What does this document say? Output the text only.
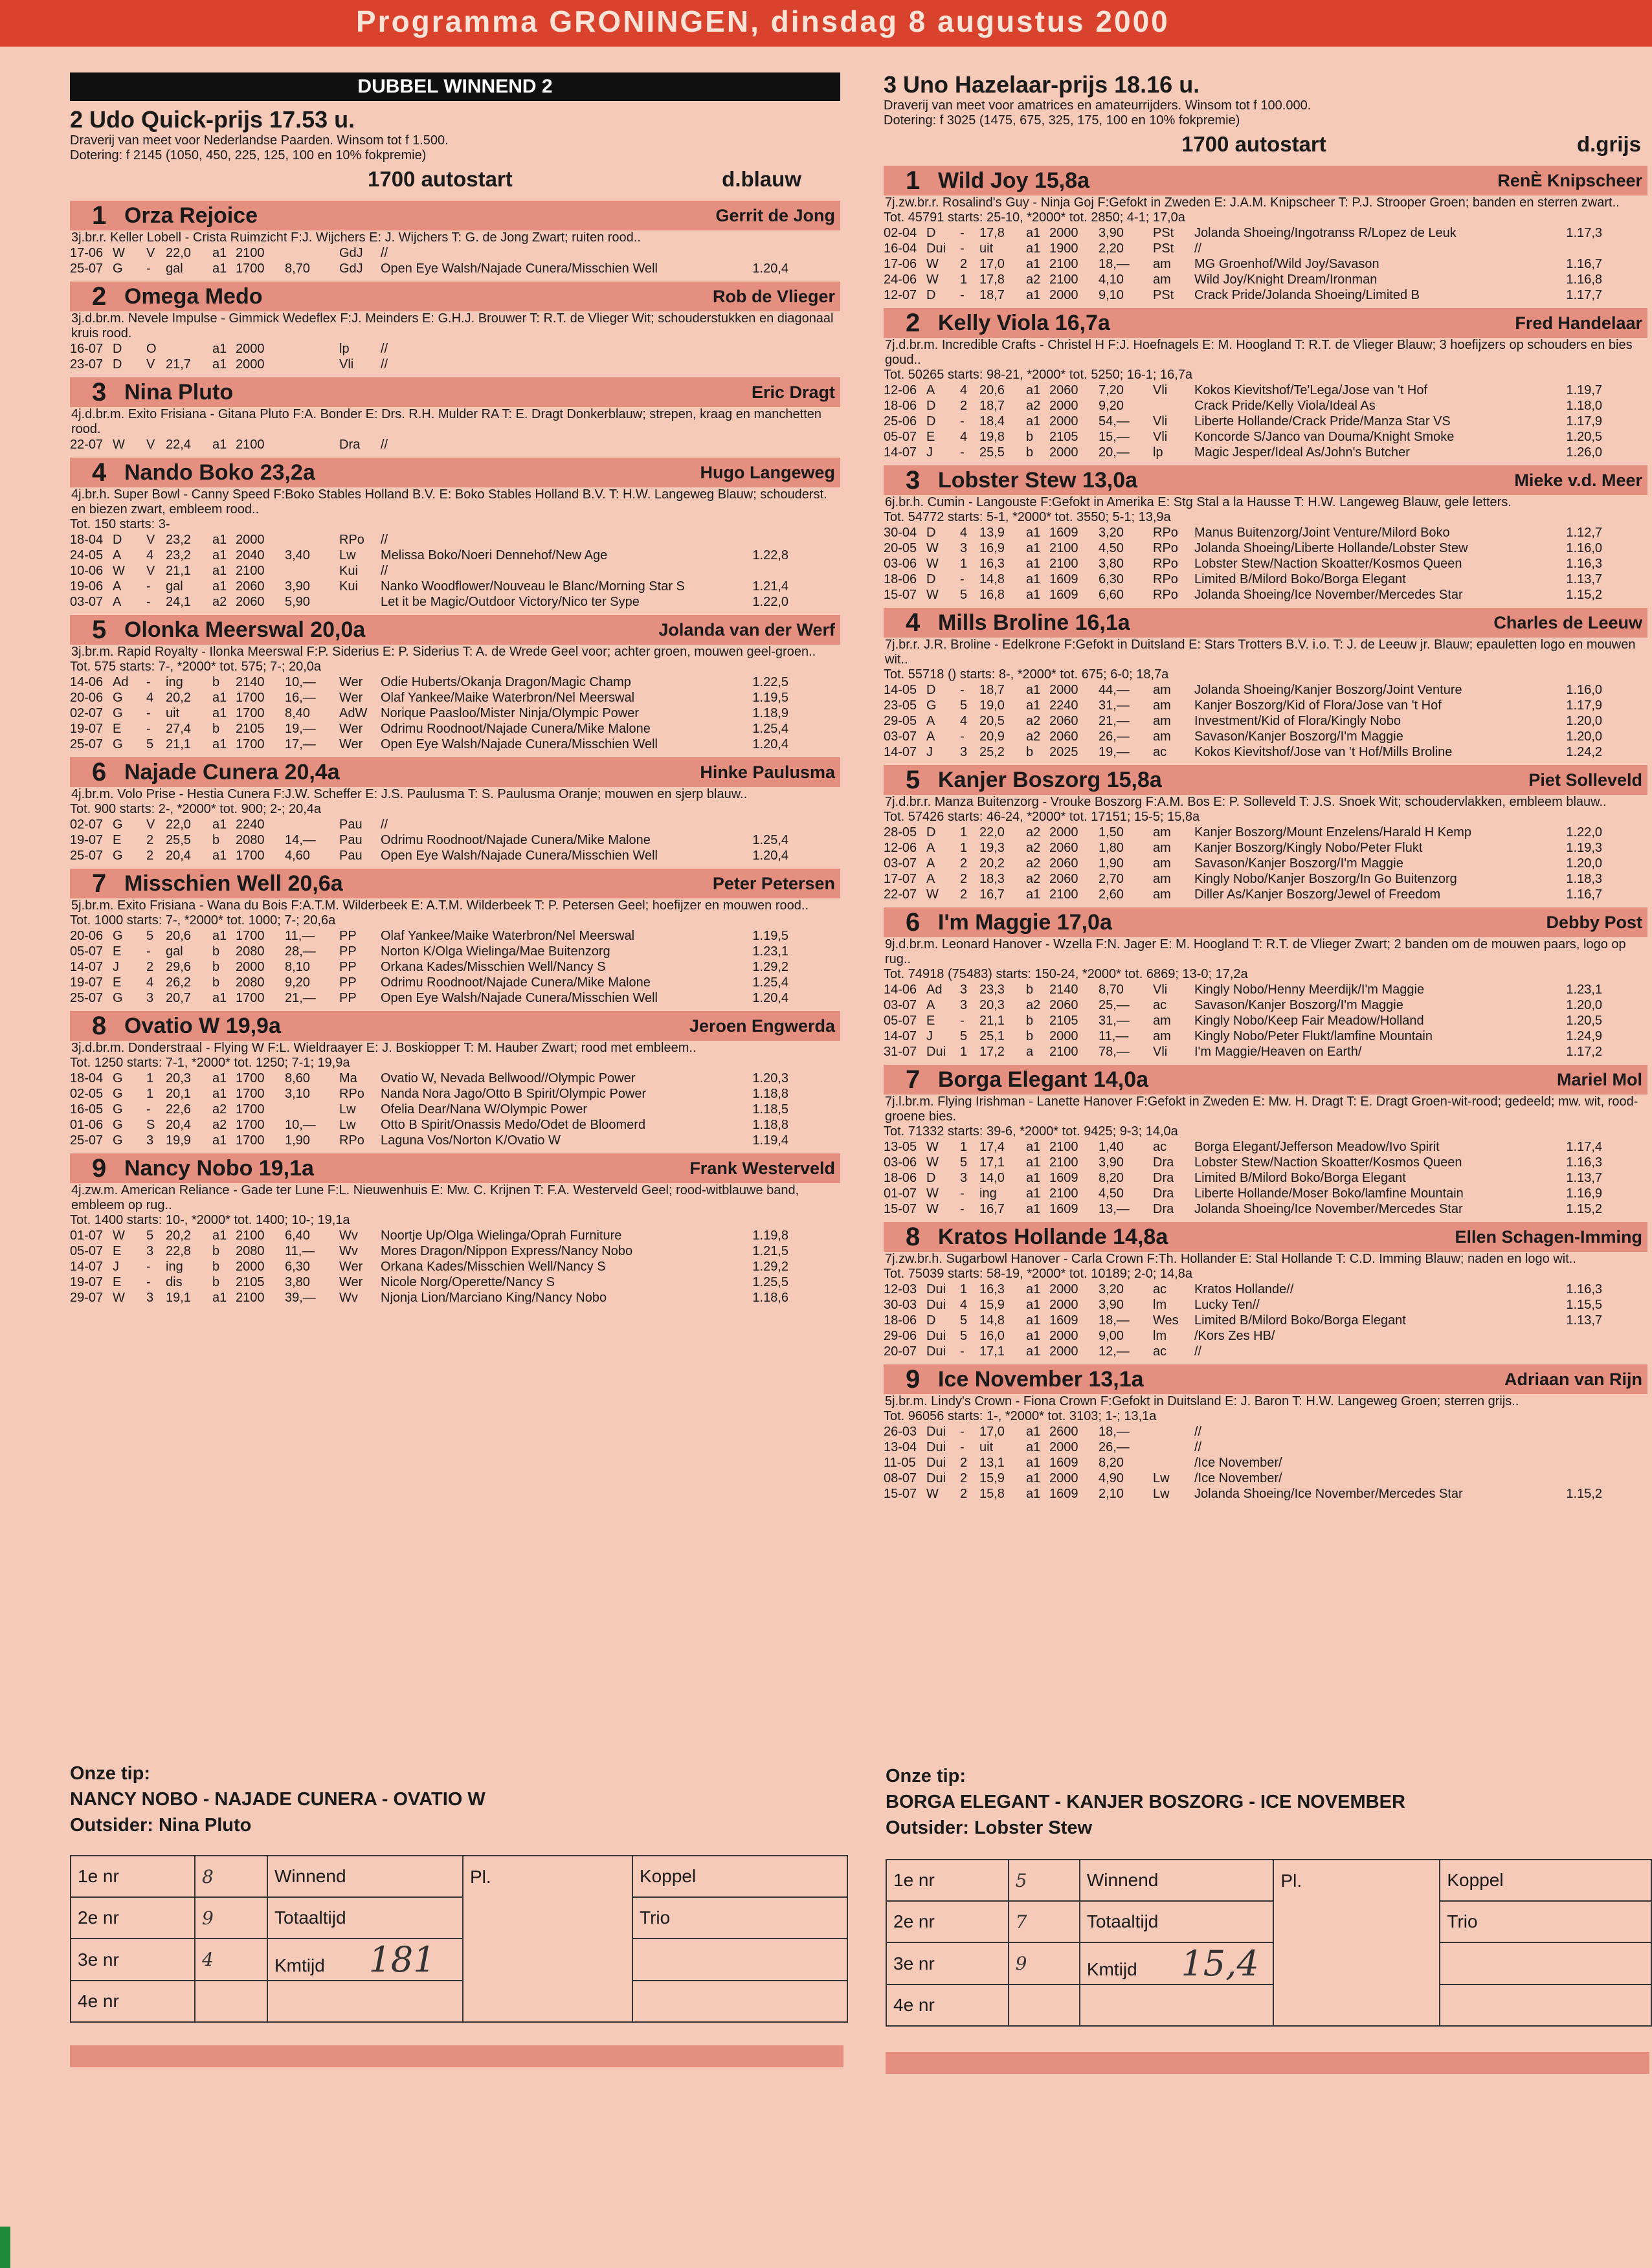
Programma GRONINGEN, dinsdag 8 augustus 2000
DUBBEL WINNEND 2
2 Udo Quick-prijs 17.53 u.
Draverij van meet voor Nederlandse Paarden. Winsom tot f 1.500.
Dotering: f 2145 (1050, 450, 225, 125, 100 en 10% fokpremie)
1700 autostart	d.blauw
1 Orza Rejoice	Gerrit de Jong
3j.br.r. Keller Lobell - Crista Ruimzicht F:J. Wijchers E: J. Wijchers T: G. de Jong Zwart; ruiten rood..
17-06 W	V 22,0	a1 2100	GdJ	//
25-07 G	-	gal	a1 1700	8,70	GdJ	Open Eye Walsh/Najade Cunera/Misschien Well	1.20,4
2 Omega Medo	Rob de Vlieger
3j.d.br.m. Nevele Impulse - Gimmick Wedeflex F:J. Meinders E: G.H.J. Brouwer T: R.T. de Vlieger Wit; schouderstukken en diagonaal kruis rood.
16-07 D	O	a1 2000	lp	//
23-07 D	V 21,7	a1 2000	Vli	//
3 Nina Pluto	Eric Dragt
4j.d.br.m. Exito Frisiana - Gitana Pluto F:A. Bonder E: Drs. R.H. Mulder RA T: E. Dragt Donkerblauw; strepen, kraag en manchetten rood.
22-07 W	V 22,4	a1 2100	Dra	//
4 Nando Boko 23,2a	Hugo Langeweg
4j.br.h. Super Bowl - Canny Speed F:Boko Stables Holland B.V. E: Boko Stables Holland B.V. T: H.W. Langeweg Blauw; schouderst. en biezen zwart, embleem rood..
Tot. 150 starts: 3-
18-04 D	V 23,2	a1 2000	RPo	//
24-05 A	4 23,2	a1 2040	3,40	Lw	Melissa Boko/Noeri Dennehof/New Age	1.22,8
10-06 W	V 21,1	a1 2100	Kui	//
19-06 A	-	gal	a1 2060	3,90	Kui	Nanko Woodflower/Nouveau le Blanc/Morning Star S	1.21,4
03-07 A	-	24,1	a2 2060	5,90	Let it be Magic/Outdoor Victory/Nico ter Sype	1.22,0
5 Olonka Meerswal 20,0a	Jolanda van der Werf
3j.br.m. Rapid Royalty - Ilonka Meerswal F:P. Siderius E: P. Siderius T: A. de Wrede Geel voor; achter groen, mouwen geel-groen..
Tot. 575 starts: 7-, *2000* tot. 575; 7-; 20,0a
14-06 Ad	-	ing	b	2140	10,—	Wer	Odie Huberts/Okanja Dragon/Magic Champ	1.22,5
20-06 G	4 20,2	a1 1700	16,—	Wer	Olaf Yankee/Maike Waterbron/Nel Meerswal	1.19,5
02-07 G	-	uit	a1 1700	8,40	AdW	Norique Paasloo/Mister Ninja/Olympic Power	1.18,9
19-07 E	-	27,4	b	2105	19,—	Wer	Odrimu Roodnoot/Najade Cunera/Mike Malone	1.25,4
25-07 G	5 21,1	a1 1700	17,—	Wer	Open Eye Walsh/Najade Cunera/Misschien Well	1.20,4
6 Najade Cunera 20,4a	Hinke Paulusma
4j.br.m. Volo Prise - Hestia Cunera F:J.W. Scheffer E: J.S. Paulusma T: S. Paulusma Oranje; mouwen en sjerp blauw..
Tot. 900 starts: 2-, *2000* tot. 900; 2-; 20,4a
02-07 G	V 22,0	a1 2240	Pau	//
19-07 E	2 25,5	b	2080	14,—	Pau	Odrimu Roodnoot/Najade Cunera/Mike Malone	1.25,4
25-07 G	2 20,4	a1 1700	4,60	Pau	Open Eye Walsh/Najade Cunera/Misschien Well	1.20,4
7 Misschien Well 20,6a	Peter Petersen
5j.br.m. Exito Frisiana - Wana du Bois F:A.T.M. Wilderbeek E: A.T.M. Wilderbeek T: P. Petersen Geel; hoefijzer en mouwen rood..
Tot. 1000 starts: 7-, *2000* tot. 1000; 7-; 20,6a
20-06 G	5 20,6	a1 1700	11,—	PP	Olaf Yankee/Maike Waterbron/Nel Meerswal	1.19,5
05-07 E	-	gal	b	2080	28,—	PP	Norton K/Olga Wielinga/Mae Buitenzorg	1.23,1
14-07 J	2 29,6	b	2000	8,10	PP	Orkana Kades/Misschien Well/Nancy S	1.29,2
19-07 E	4 26,2	b	2080	9,20	PP	Odrimu Roodnoot/Najade Cunera/Mike Malone	1.25,4
25-07 G	3 20,7	a1 1700	21,—	PP	Open Eye Walsh/Najade Cunera/Misschien Well	1.20,4
8 Ovatio W 19,9a	Jeroen Engwerda
3j.d.br.m. Donderstraal - Flying W F:L. Wieldraayer E: J. Boskiopper T: M. Hauber Zwart; rood met embleem..
Tot. 1250 starts: 7-1, *2000* tot. 1250; 7-1; 19,9a
18-04 G	1 20,3	a1 1700	8,60	Ma	Ovatio W, Nevada Bellwood//Olympic Power	1.20,3
02-05 G	1 20,1	a1 1700	3,10	RPo	Nanda Nora Jago/Otto B Spirit/Olympic Power	1.18,8
16-05 G	-	22,6	a2 1700	Lw	Ofelia Dear/Nana W/Olympic Power	1.18,5
01-06 G	S 20,4	a2 1700	10,—	Lw	Otto B Spirit/Onassis Medo/Odet de Bloomerd	1.18,8
25-07 G	3 19,9	a1 1700	1,90	RPo	Laguna Vos/Norton K/Ovatio W	1.19,4
9 Nancy Nobo 19,1a	Frank Westerveld
4j.zw.m. American Reliance - Gade ter Lune F:L. Nieuwenhuis E: Mw. C. Krijnen T: F.A. Westerveld Geel; rood-witblauwe band, embleem op rug..
Tot. 1400 starts: 10-, *2000* tot. 1400; 10-; 19,1a
01-07 W	5 20,2	a1 2100	6,40	Wv	Noortje Up/Olga Wielinga/Oprah Furniture	1.19,8
05-07 E	3 22,8	b	2080	11,—	Wv	Mores Dragon/Nippon Express/Nancy Nobo	1.21,5
14-07 J	-	ing	b	2000	6,30	Wer	Orkana Kades/Misschien Well/Nancy S	1.29,2
19-07 E	-	dis	b	2105	3,80	Wer	Nicole Norg/Operette/Nancy S	1.25,5
29-07 W	3 19,1	a1 2100	39,—	Wv	Njonja Lion/Marciano King/Nancy Nobo	1.18,6
3 Uno Hazelaar-prijs 18.16 u.
Draverij van meet voor amatrices en amateurrijders. Winsom tot f 100.000.
Dotering: f 3025 (1475, 675, 325, 175, 100 en 10% fokpremie)
1700 autostart	d.grijs
1 Wild Joy 15,8a	RenÈ Knipscheer
7j.zw.br.r. Rosalind's Guy - Ninja Goj F:Gefokt in Zweden E: J.A.M. Knipscheer T: P.J. Strooper Groen; banden en sterren zwart..
Tot. 45791 starts: 25-10, *2000* tot. 2850; 4-1; 17,0a
02-04 D	-	17,8	a1 2000	3,90	PSt	Jolanda Shoeing/Ingotranss R/Lopez de Leuk	1.17,3
16-04 Dui	-	uit	a1 1900	2,20	PSt	//
17-06 W	2 17,0	a1 2100	18,—	am	MG Groenhof/Wild Joy/Savason	1.16,7
24-06 W	1 17,8	a2 2100	4,10	am	Wild Joy/Knight Dream/Ironman	1.16,8
12-07 D	-	18,7	a1 2000	9,10	PSt	Crack Pride/Jolanda Shoeing/Limited B	1.17,7
2 Kelly Viola 16,7a	Fred Handelaar
7j.d.br.m. Incredible Crafts - Christel H F:J. Hoefnagels E: M. Hoogland T: R.T. de Vlieger Blauw; 3 hoefijzers op schouders en bies goud..
Tot. 50265 starts: 98-21, *2000* tot. 5250; 16-1; 16,7a
12-06 A	4 20,6	a1 2060	7,20	Vli	Kokos Kievitshof/Te'Lega/Jose van 't Hof	1.19,7
18-06 D	2 18,7	a2 2000	9,20	Crack Pride/Kelly Viola/Ideal As	1.18,0
25-06 D	-	18,4	a1 2000	54,—	Vli	Liberte Hollande/Crack Pride/Manza Star VS	1.17,9
05-07 E	4 19,8	b	2105	15,—	Vli	Koncorde S/Janco van Douma/Knight Smoke	1.20,5
14-07 J	-	25,5	b	2000	20,—	lp	Magic Jesper/Ideal As/John's Butcher	1.26,0
3 Lobster Stew 13,0a	Mieke v.d. Meer
6j.br.h. Cumin - Langouste F:Gefokt in Amerika E: Stg Stal a la Hausse T: H.W. Langeweg Blauw, gele letters.
Tot. 54772 starts: 5-1, *2000* tot. 3550; 5-1; 13,9a
30-04 D	4 13,9	a1 1609	3,20	RPo	Manus Buitenzorg/Joint Venture/Milord Boko	1.12,7
20-05 W	3 16,9	a1 2100	4,50	RPo	Jolanda Shoeing/Liberte Hollande/Lobster Stew	1.16,0
03-06 W	1 16,3	a1 2100	3,80	RPo	Lobster Stew/Naction Skoatter/Kosmos Queen	1.16,3
18-06 D	-	14,8	a1 1609	6,30	RPo	Limited B/Milord Boko/Borga Elegant	1.13,7
15-07 W	5 16,8	a1 1609	6,60	RPo	Jolanda Shoeing/Ice November/Mercedes Star	1.15,2
4 Mills Broline 16,1a	Charles de Leeuw
7j.br.r. J.R. Broline - Edelkrone F:Gefokt in Duitsland E: Stars Trotters B.V. i.o. T: J. de Leeuw jr. Blauw; epauletten logo en mouwen wit..
Tot. 55718 () starts: 8-, *2000* tot. 675; 6-0; 18,7a
14-05 D	-	18,7	a1 2000	44,—	am	Jolanda Shoeing/Kanjer Boszorg/Joint Venture	1.16,0
23-05 G	5 19,0	a1 2240	31,—	am	Kanjer Boszorg/Kid of Flora/Jose van 't Hof	1.17,9
29-05 A	4 20,5	a2 2060	21,—	am	Investment/Kid of Flora/Kingly Nobo	1.20,0
03-07 A	-	20,9	a2 2060	26,—	am	Savason/Kanjer Boszorg/I'm Maggie	1.20,0
14-07 J	3 25,2	b	2025	19,—	ac	Kokos Kievitshof/Jose van 't Hof/Mills Broline	1.24,2
5 Kanjer Boszorg 15,8a	Piet Solleveld
7j.d.br.r. Manza Buitenzorg - Vrouke Boszorg F:A.M. Bos E: P. Solleveld T: J.S. Snoek Wit; schoudervlakken, embleem blauw..
Tot. 57426 starts: 46-24, *2000* tot. 17151; 15-5; 15,8a
28-05 D	1 22,0	a2 2000	1,50	am	Kanjer Boszorg/Mount Enzelens/Harald H Kemp	1.22,0
12-06 A	1 19,3	a2 2060	1,80	am	Kanjer Boszorg/Kingly Nobo/Peter Flukt	1.19,3
03-07 A	2 20,2	a2 2060	1,90	am	Savason/Kanjer Boszorg/I'm Maggie	1.20,0
17-07 A	2 18,3	a2 2060	2,70	am	Kingly Nobo/Kanjer Boszorg/In Go Buitenzorg	1.18,3
22-07 W	2 16,7	a1 2100	2,60	am	Diller As/Kanjer Boszorg/Jewel of Freedom	1.16,7
6 I'm Maggie 17,0a	Debby Post
9j.d.br.m. Leonard Hanover - Wzella F:N. Jager E: M. Hoogland T: R.T. de Vlieger Zwart; 2 banden om de mouwen paars, logo op rug..
Tot. 74918 (75483) starts: 150-24, *2000* tot. 6869; 13-0; 17,2a
14-06 Ad	3 23,3	b	2140	8,70	Vli	Kingly Nobo/Henny Meerdijk/I'm Maggie	1.23,1
03-07 A	3 20,3	a2 2060	25,—	ac	Savason/Kanjer Boszorg/I'm Maggie	1.20,0
05-07 E	-	21,1	b	2105	31,—	am	Kingly Nobo/Keep Fair Meadow/Holland	1.20,5
14-07 J	5 25,1	b	2000	11,—	am	Kingly Nobo/Peter Flukt/lamfine Mountain	1.24,9
31-07 Dui	1 17,2	a	2100	78,—	Vli	I'm Maggie/Heaven on Earth/	1.17,2
7 Borga Elegant 14,0a	Mariel Mol
7j.l.br.m. Flying Irishman - Lanette Hanover F:Gefokt in Zweden E: Mw. H. Dragt T: E. Dragt Groen-wit-rood; gedeeld; mw. wit, rood-groene bies.
Tot. 71332 starts: 39-6, *2000* tot. 9425; 9-3; 14,0a
13-05 W	1 17,4	a1 2100	1,40	ac	Borga Elegant/Jefferson Meadow/Ivo Spirit	1.17,4
03-06 W	5 17,1	a1 2100	3,90	Dra	Lobster Stew/Naction Skoatter/Kosmos Queen	1.16,3
18-06 D	3 14,0	a1 1609	8,20	Dra	Limited B/Milord Boko/Borga Elegant	1.13,7
01-07 W	-	ing	a1 2100	4,50	Dra	Liberte Hollande/Moser Boko/lamfine Mountain	1.16,9
15-07 W	-	16,7	a1 1609	13,—	Dra	Jolanda Shoeing/Ice November/Mercedes Star	1.15,2
8 Kratos Hollande 14,8a	Ellen Schagen-Imming
7j.zw.br.h. Sugarbowl Hanover - Carla Crown F:Th. Hollander E: Stal Hollande T: C.D. Imming Blauw; naden en logo wit..
Tot. 75039 starts: 58-19, *2000* tot. 10189; 2-0; 14,8a
12-03 Dui	1 16,3	a1 2000	3,20	ac	Kratos Hollande//	1.16,3
30-03 Dui	4 15,9	a1 2000	3,90	lm	Lucky Ten//	1.15,5
18-06 D	5 14,8	a1 1609	18,—	Wes	Limited B/Milord Boko/Borga Elegant	1.13,7
29-06 Dui	5 16,0	a1 2000	9,00	lm	/Kors Zes HB/
20-07 Dui	-	17,1	a1 2000	12,—	ac	//
9 Ice November 13,1a	Adriaan van Rijn
5j.br.m. Lindy's Crown - Fiona Crown F:Gefokt in Duitsland E: J. Baron T: H.W. Langeweg Groen; sterren grijs..
Tot. 96056 starts: 1-, *2000* tot. 3103; 1-; 13,1a
26-03 Dui	-	17,0	a1 2600	18,—	//
13-04 Dui	-	uit	a1 2000	26,—	//
11-05 Dui	2 13,1	a1 1609	8,20	/Ice November/
08-07 Dui	2 15,9	a1 2000	4,90	Lw	/Ice November/
15-07 W	2 15,8	a1 1609	2,10	Lw	Jolanda Shoeing/Ice November/Mercedes Star	1.15,2
Onze tip:
NANCY NOBO - NAJADE CUNERA - OVATIO W
Outsider: Nina Pluto
1e nr	8	Winnend	Pl.	Koppel
2e nr	9	Totaaltijd		Trio
3e nr	4	Kmtijd 181		
4e nr				
Onze tip:
BORGA ELEGANT - KANJER BOSZORG - ICE NOVEMBER
Outsider: Lobster Stew
1e nr	5	Winnend	Pl.	Koppel
2e nr	7	Totaaltijd		Trio
3e nr	9	Kmtijd 15,4		
4e nr				
